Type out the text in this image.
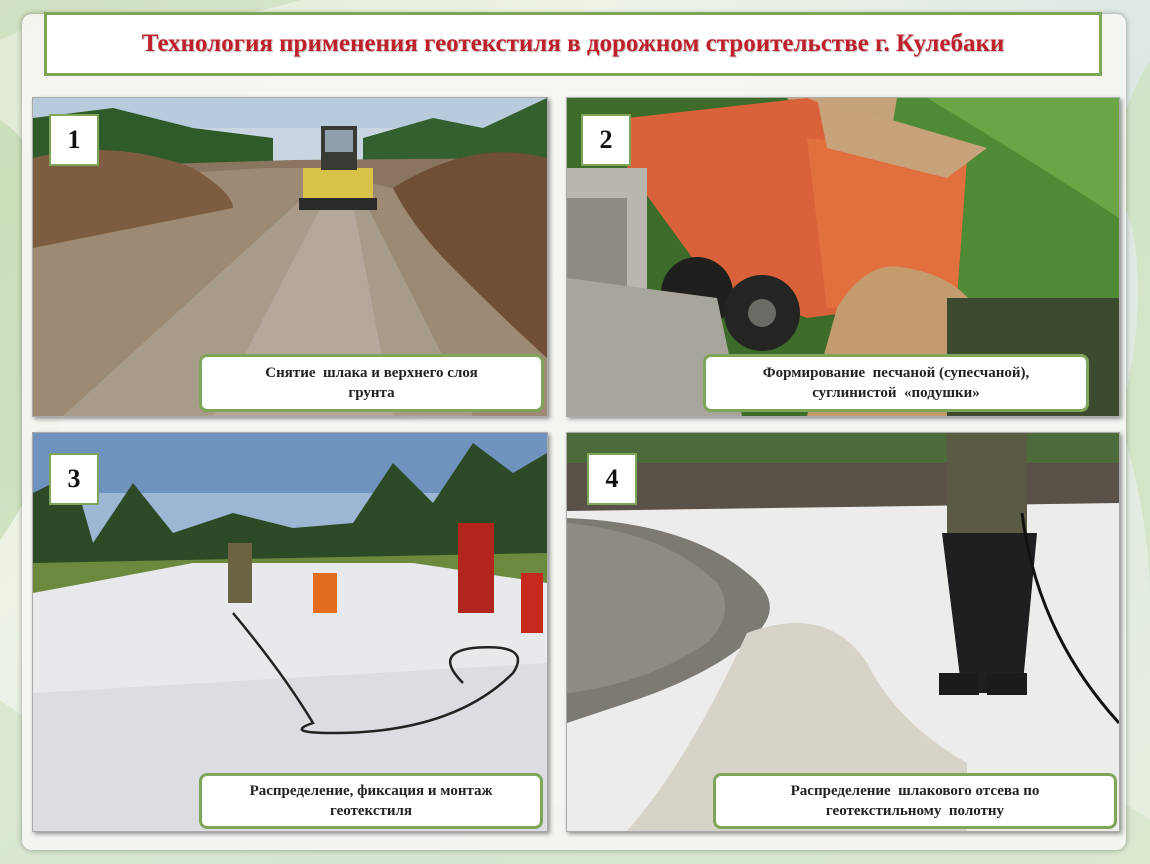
Технология применения геотекстиля в дорожном строительстве г. Кулебаки
1
Снятие  шлака и верхнего слоя
грунта
2
Формирование  песчаной (супесчаной),
суглинистой  «подушки»
3
Распределение, фиксация и монтаж
геотекстиля
4
Распределение  шлакового отсева по
геотекстильному  полотну
